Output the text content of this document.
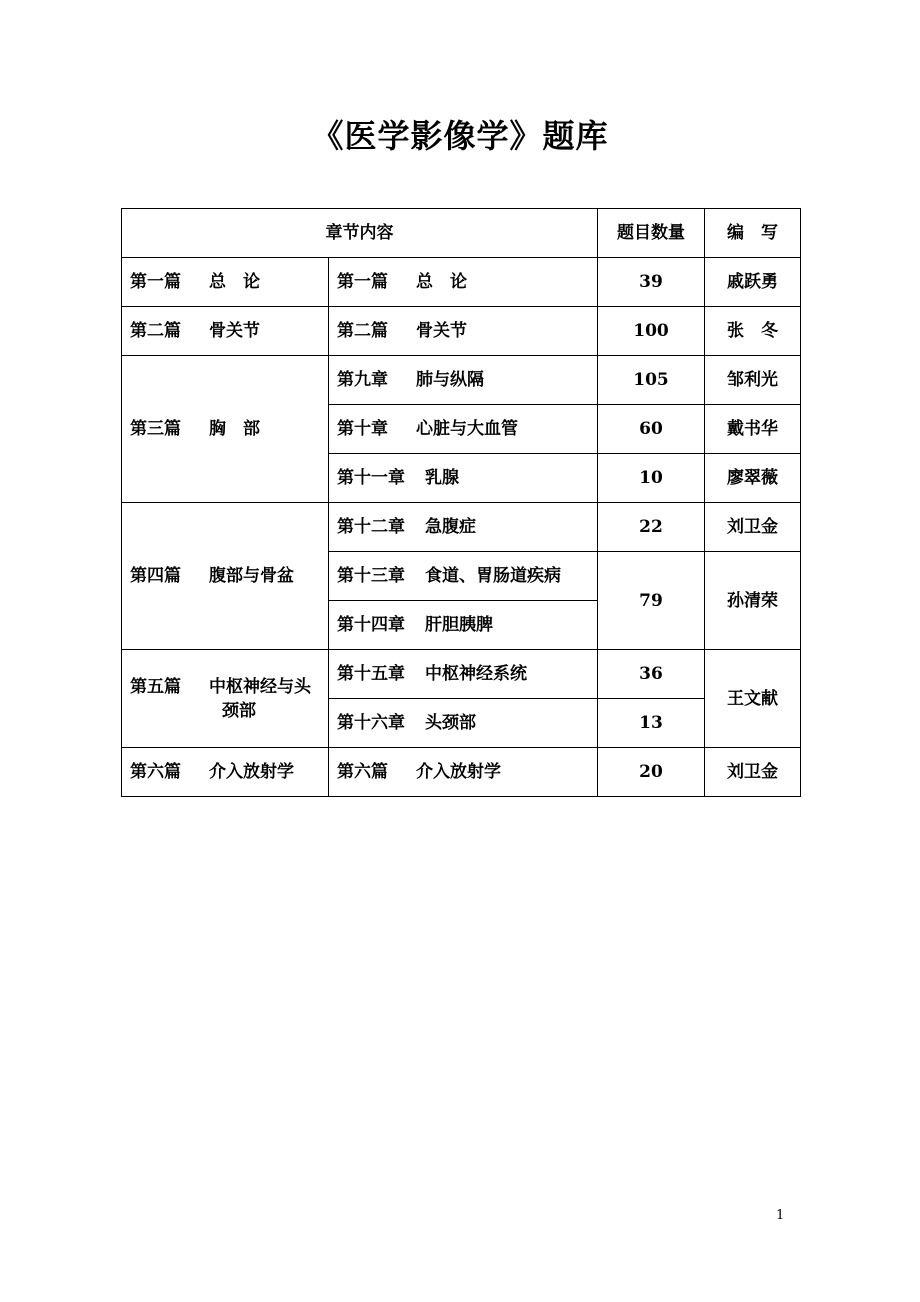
《医学影像学》题库
章节内容		题目数量	编　写
第一篇 总　论	第一篇 总　论	39	戚跃勇
第二篇 骨关节	第二篇 骨关节	100	张　冬
第三篇 胸　部	第九章 肺与纵隔	105	邹利光
	第十章 心脏与大血管	60	戴书华
	第十一章 乳腺	10	廖翠薇
第四篇 腹部与骨盆	第十二章 急腹症	22	刘卫金
	第十三章 食道、胃肠道疾病	79	孙清荣
	第十四章 肝胆胰脾		

第五篇 中枢神经与头
颈部	第十五章 中枢神经系统	36	王文献
	第十六章 头颈部	13	
第六篇 介入放射学	第六篇 介入放射学	20	刘卫金
1
